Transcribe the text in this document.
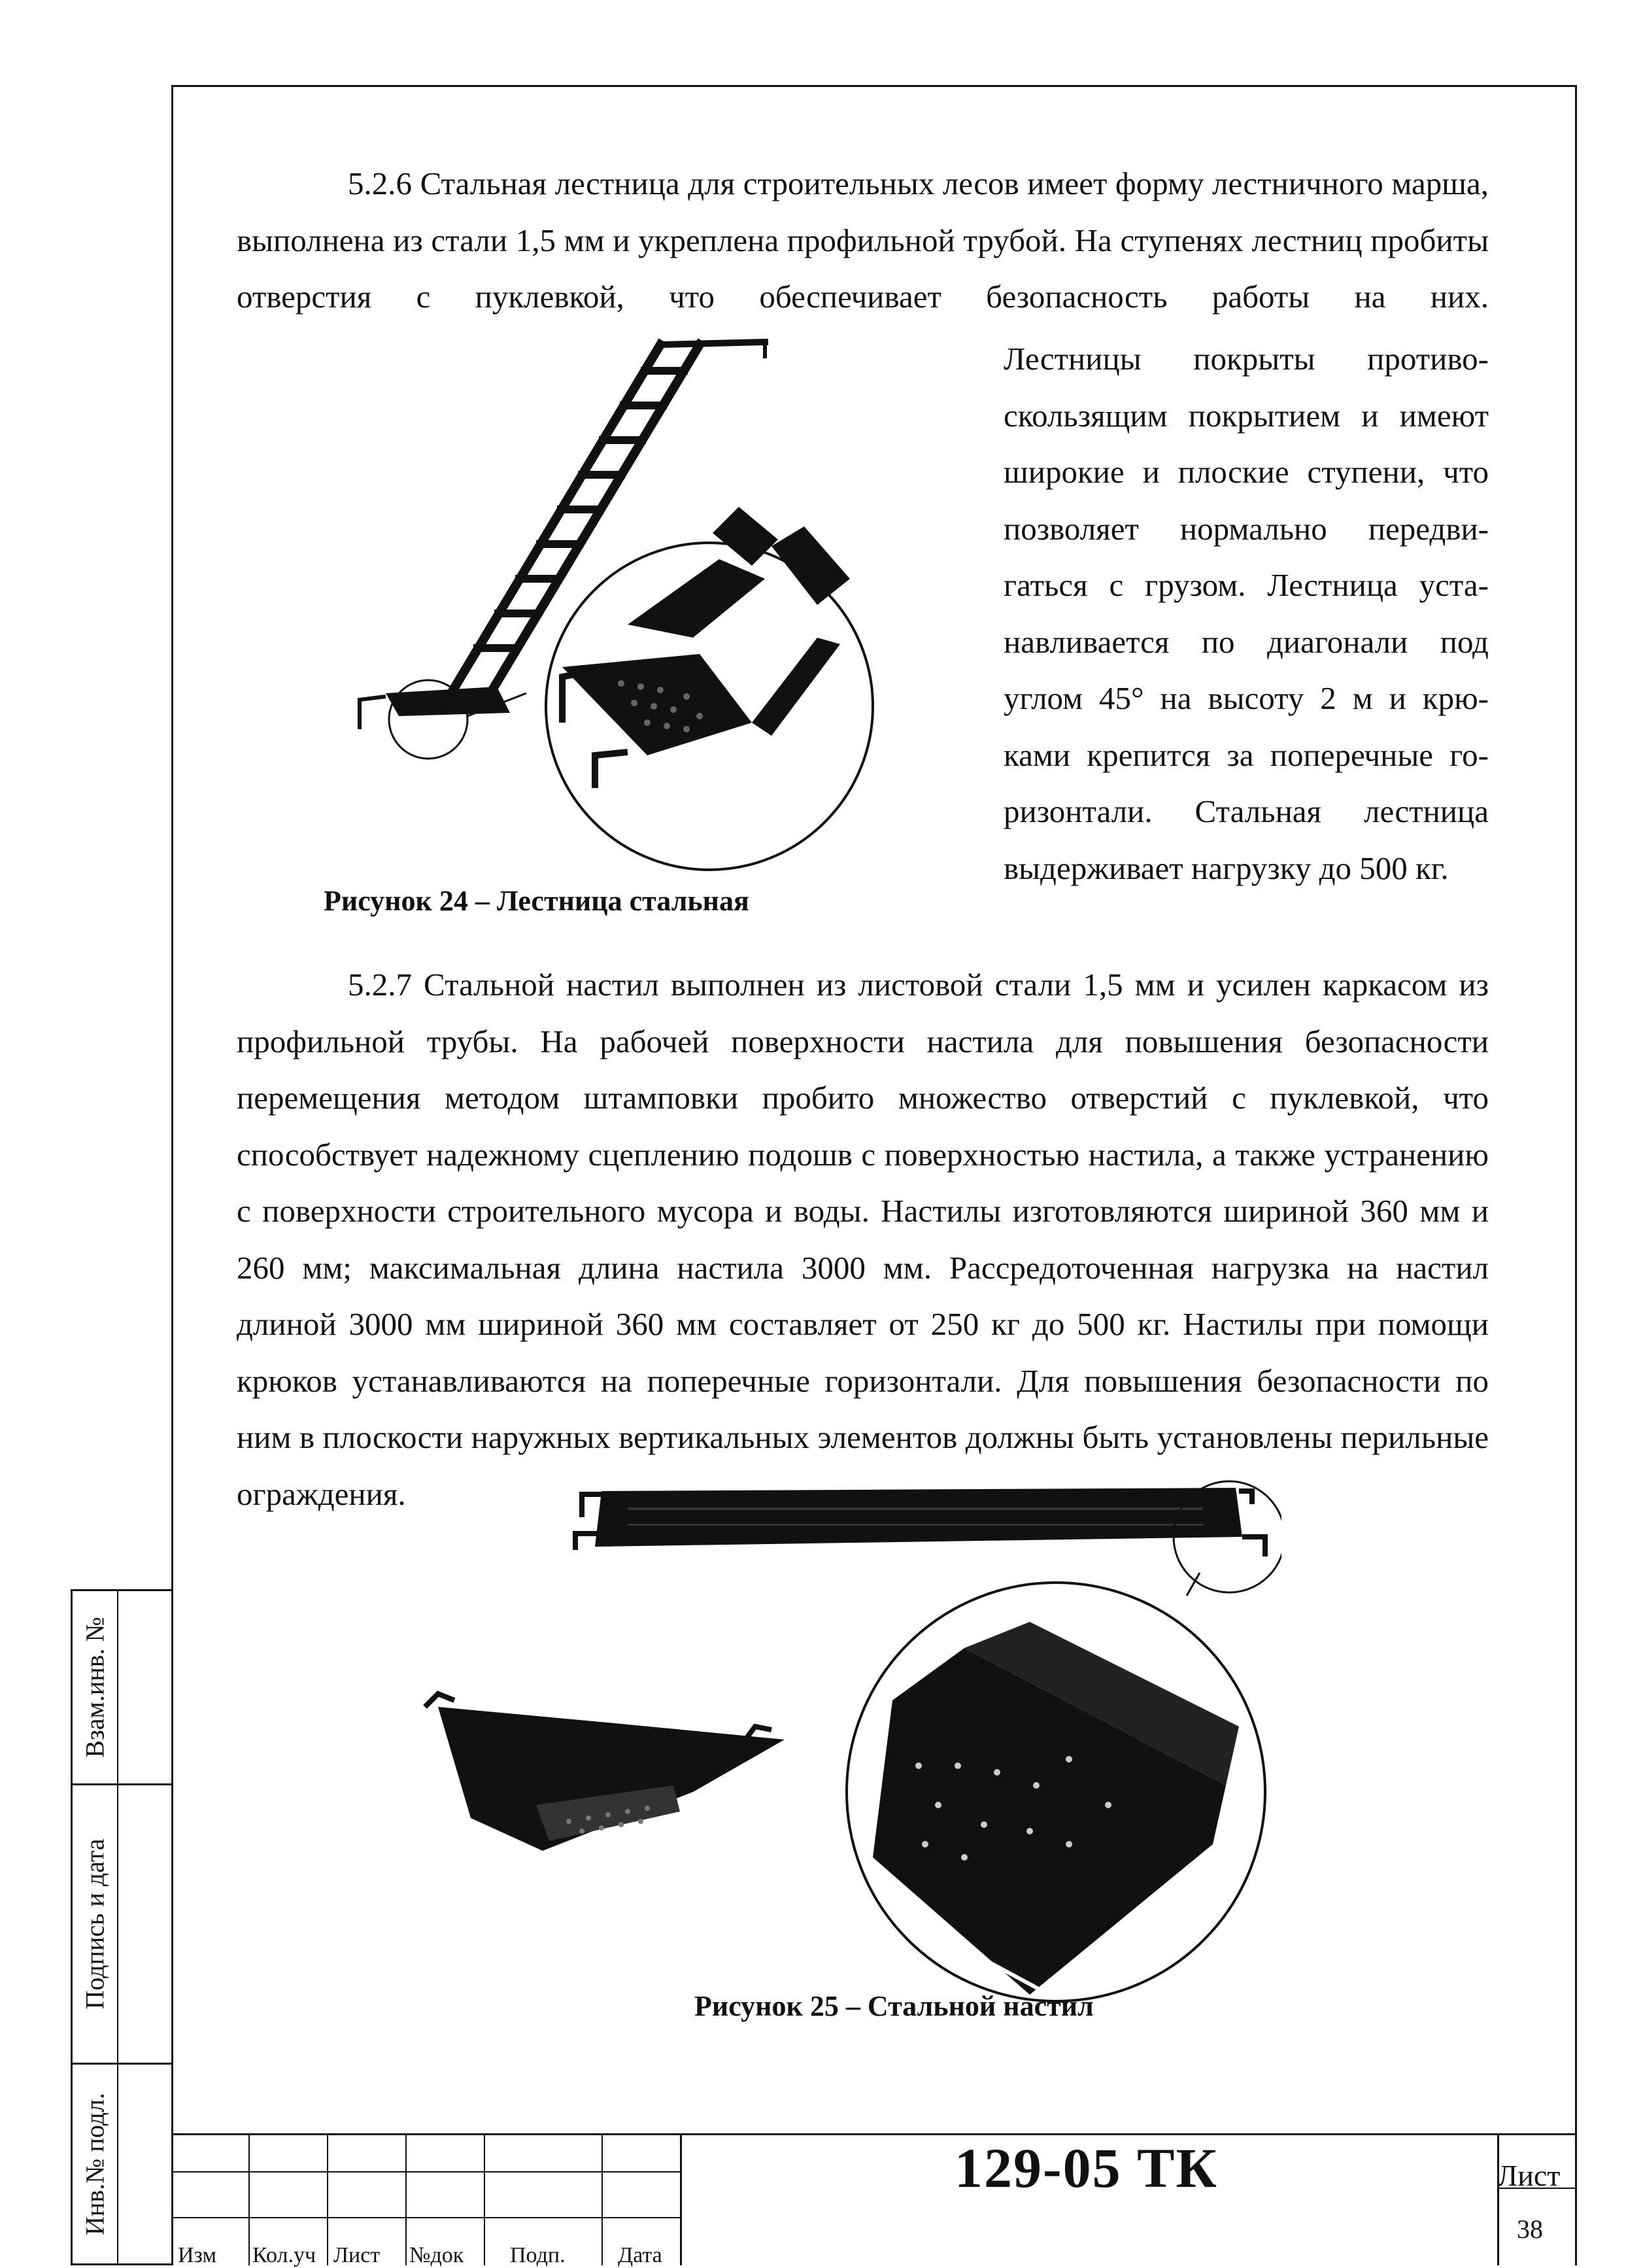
5.2.6 Стальная лестница для строительных лесов имеет форму лестничного марша, выполнена из стали 1,5 мм и укреплена профильной трубой. На ступенях лестниц пробиты отверстия с пуклевкой, что обеспечивает безопасность работы на них.

Лестницы покрыты противо-
скользящим покрытием и имеют
широкие и плоские ступени, что
позволяет нормально передви-
гаться с грузом. Лестница уста-
навливается по диагонали под
углом 45° на высоту 2 м и крю-
ками крепится за поперечные го-
ризонтали. Стальная лестница
выдерживает нагрузку до 500 кг.
Рисунок 24 – Лестница стальная

5.2.7 Стальной настил выполнен из листовой стали 1,5 мм и усилен каркасом из профильной трубы. На рабочей поверхности настила для повышения безопасности перемещения методом штамповки пробито множество отверстий с пуклевкой, что способствует надежному сцеплению подошв с поверхностью настила, а также устранению с поверхности строительного мусора и воды. Настилы изготовляются шириной 360 мм и 260 мм; максимальная длина настила 3000 мм. Рассредоточенная нагрузка на настил длиной 3000 мм шириной 360 мм составляет от 250 кг до 500 кг. Настилы при помощи крюков устанавливаются на поперечные горизонтали. Для повышения безопасности по ним в плоскости наружных вертикальных элементов должны быть установлены перильные ограждения.

Рисунок 25 – Стальной настил
Взам.инв. №
Подпись и дата
Инв.№ подл.
Изм Кол.уч Лист №док Подп. Дата
129-05 ТК	Лист
38
